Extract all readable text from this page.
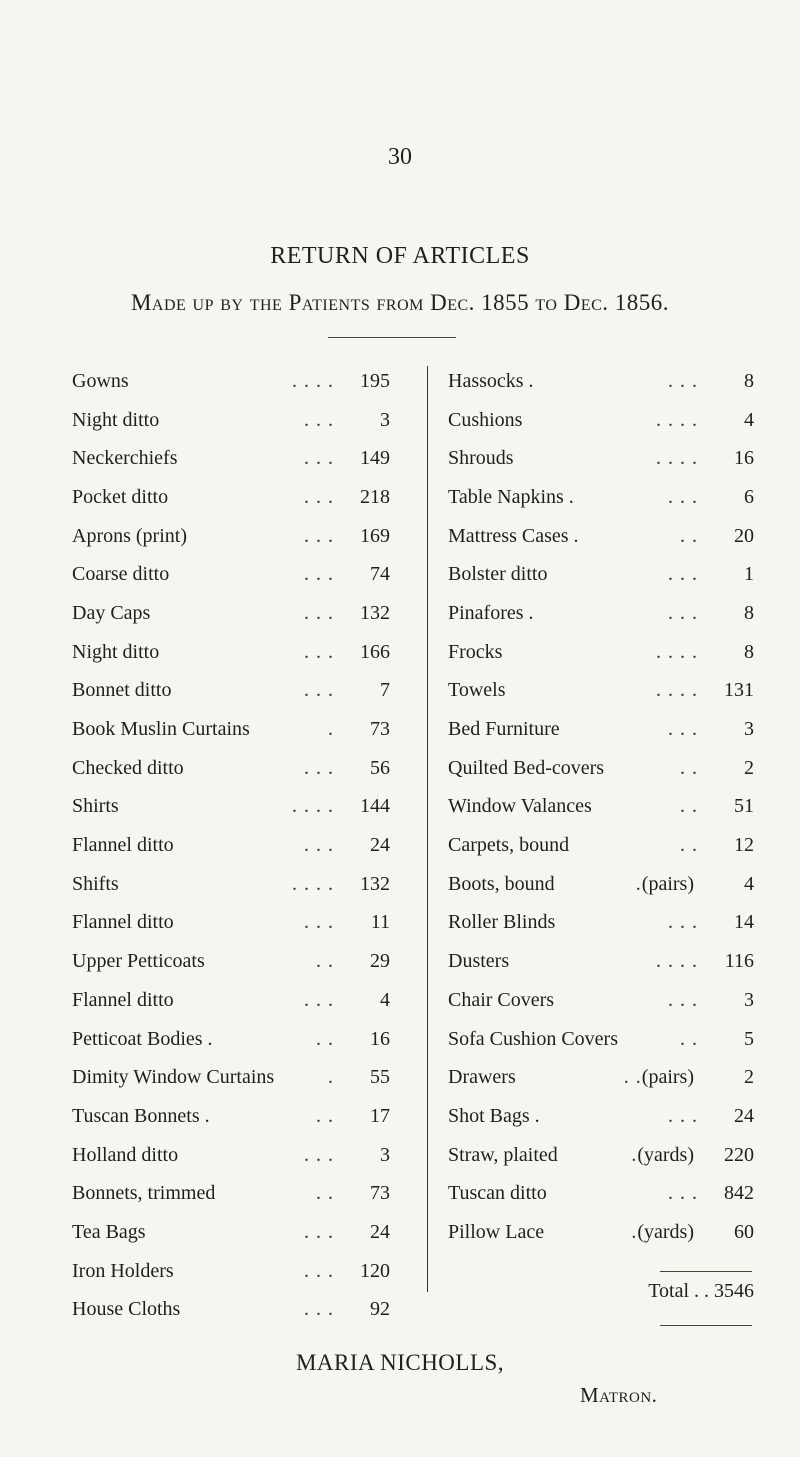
30
RETURN OF ARTICLES
Made up by the Patients from Dec. 1855 to Dec. 1856.
Gowns	. . . .	195
Night ditto	. . .	3
Neckerchiefs	. . .	149
Pocket ditto	. . .	218
Aprons (print)	. . .	169
Coarse ditto	. . .	74
Day Caps	. . .	132
Night ditto	. . .	166
Bonnet ditto	. . .	7
Book Muslin Curtains	.	73
Checked ditto	. . .	56
Shirts	. . . .	144
Flannel ditto	. . .	24
Shifts	. . . .	132
Flannel ditto	. . .	11
Upper Petticoats	. .	29
Flannel ditto	. . .	4
Petticoat Bodies .	. .	16
Dimity Window Curtains	.	55
Tuscan Bonnets .	. .	17
Holland ditto	. . .	3
Bonnets, trimmed	. .	73
Tea Bags	. . .	24
Iron Holders	. . .	120
House Cloths	. . .	92
Hassocks .	. . .	8
Cushions	. . . .	4
Shrouds	. . . .	16
Table Napkins .	. . .	6
Mattress Cases .	. .	20
Bolster ditto	. . .	1
Pinafores .	. . .	8
Frocks	. . . .	8
Towels	. . . .	131
Bed Furniture	. . .	3
Quilted Bed-covers	. .	2
Window Valances	. .	51
Carpets, bound	. .	12
Boots, bound	. (pairs)	4
Roller Blinds	. . .	14
Dusters	. . . .	116
Chair Covers	. . .	3
Sofa Cushion Covers	. .	5
Drawers	. . (pairs)	2
Shot Bags .	. . .	24
Straw, plaited	. (yards)	220
Tuscan ditto	. . .	842
Pillow Lace	. (yards)	60
Total . . 3546
MARIA NICHOLLS,
Matron.
